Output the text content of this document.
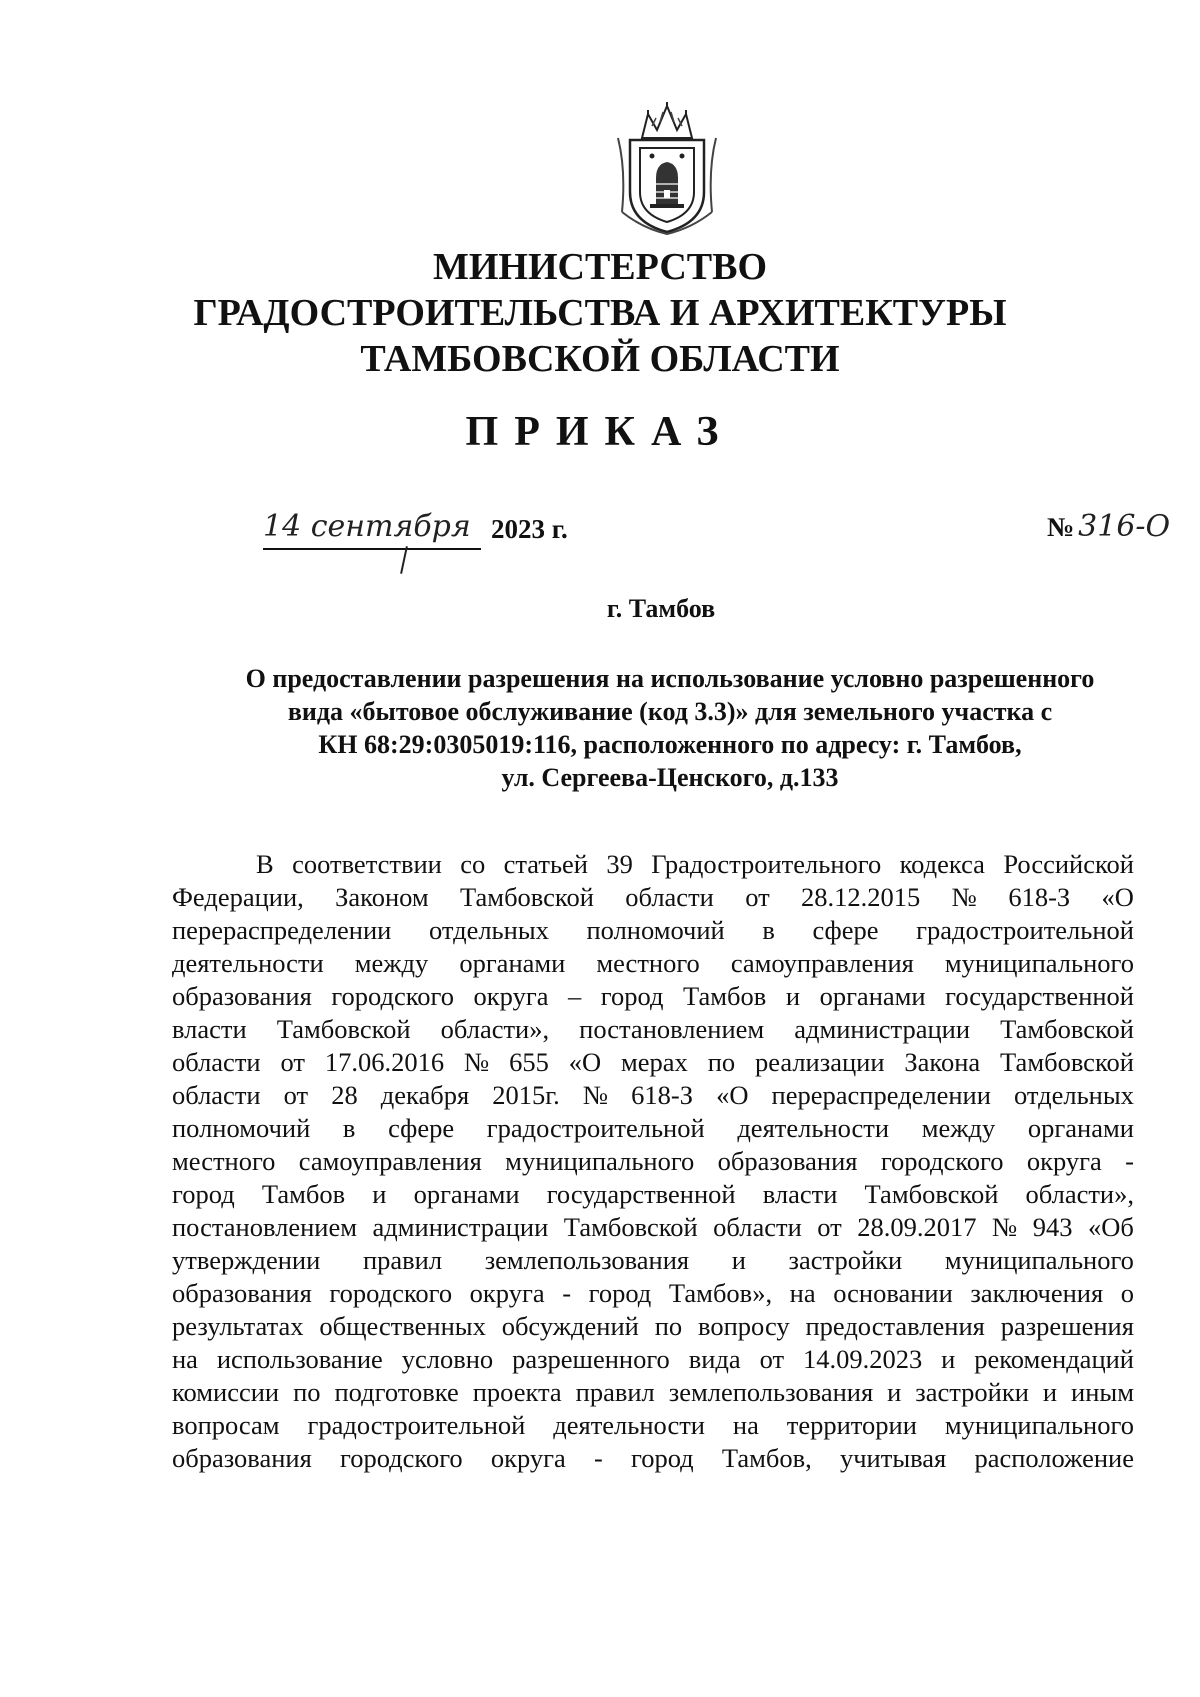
МИНИСТЕРСТВО
ГРАДОСТРОИТЕЛЬСТВА И АРХИТЕКТУРЫ
ТАМБОВСКОЙ ОБЛАСТИ
ПРИКАЗ
14 сентября 2023 г.	№ 316-О
г. Тамбов
О предоставлении разрешения на использование условно разрешенного
вида «бытовое обслуживание (код 3.3)» для земельного участка с
КН 68:29:0305019:116, расположенного по адресу: г. Тамбов,
ул. Сергеева-Ценского, д.133
В соответствии со статьей 39 Градостроительного кодекса Российской
Федерации, Законом Тамбовской области от 28.12.2015 № 618-З «О
перераспределении отдельных полномочий в сфере градостроительной
деятельности между органами местного самоуправления муниципального
образования городского округа – город Тамбов и органами государственной
власти Тамбовской области», постановлением администрации Тамбовской
области от 17.06.2016 № 655 «О мерах по реализации Закона Тамбовской
области от 28 декабря 2015г. № 618-З «О перераспределении отдельных
полномочий в сфере градостроительной деятельности между органами
местного самоуправления муниципального образования городского округа -
город Тамбов и органами государственной власти Тамбовской области»,
постановлением администрации Тамбовской области от 28.09.2017 № 943 «Об
утверждении правил землепользования и застройки муниципального
образования городского округа - город Тамбов», на основании заключения о
результатах общественных обсуждений по вопросу предоставления разрешения
на использование условно разрешенного вида от 14.09.2023 и рекомендаций
комиссии по подготовке проекта правил землепользования и застройки и иным
вопросам градостроительной деятельности на территории муниципального
образования городского округа - город Тамбов, учитывая расположение
